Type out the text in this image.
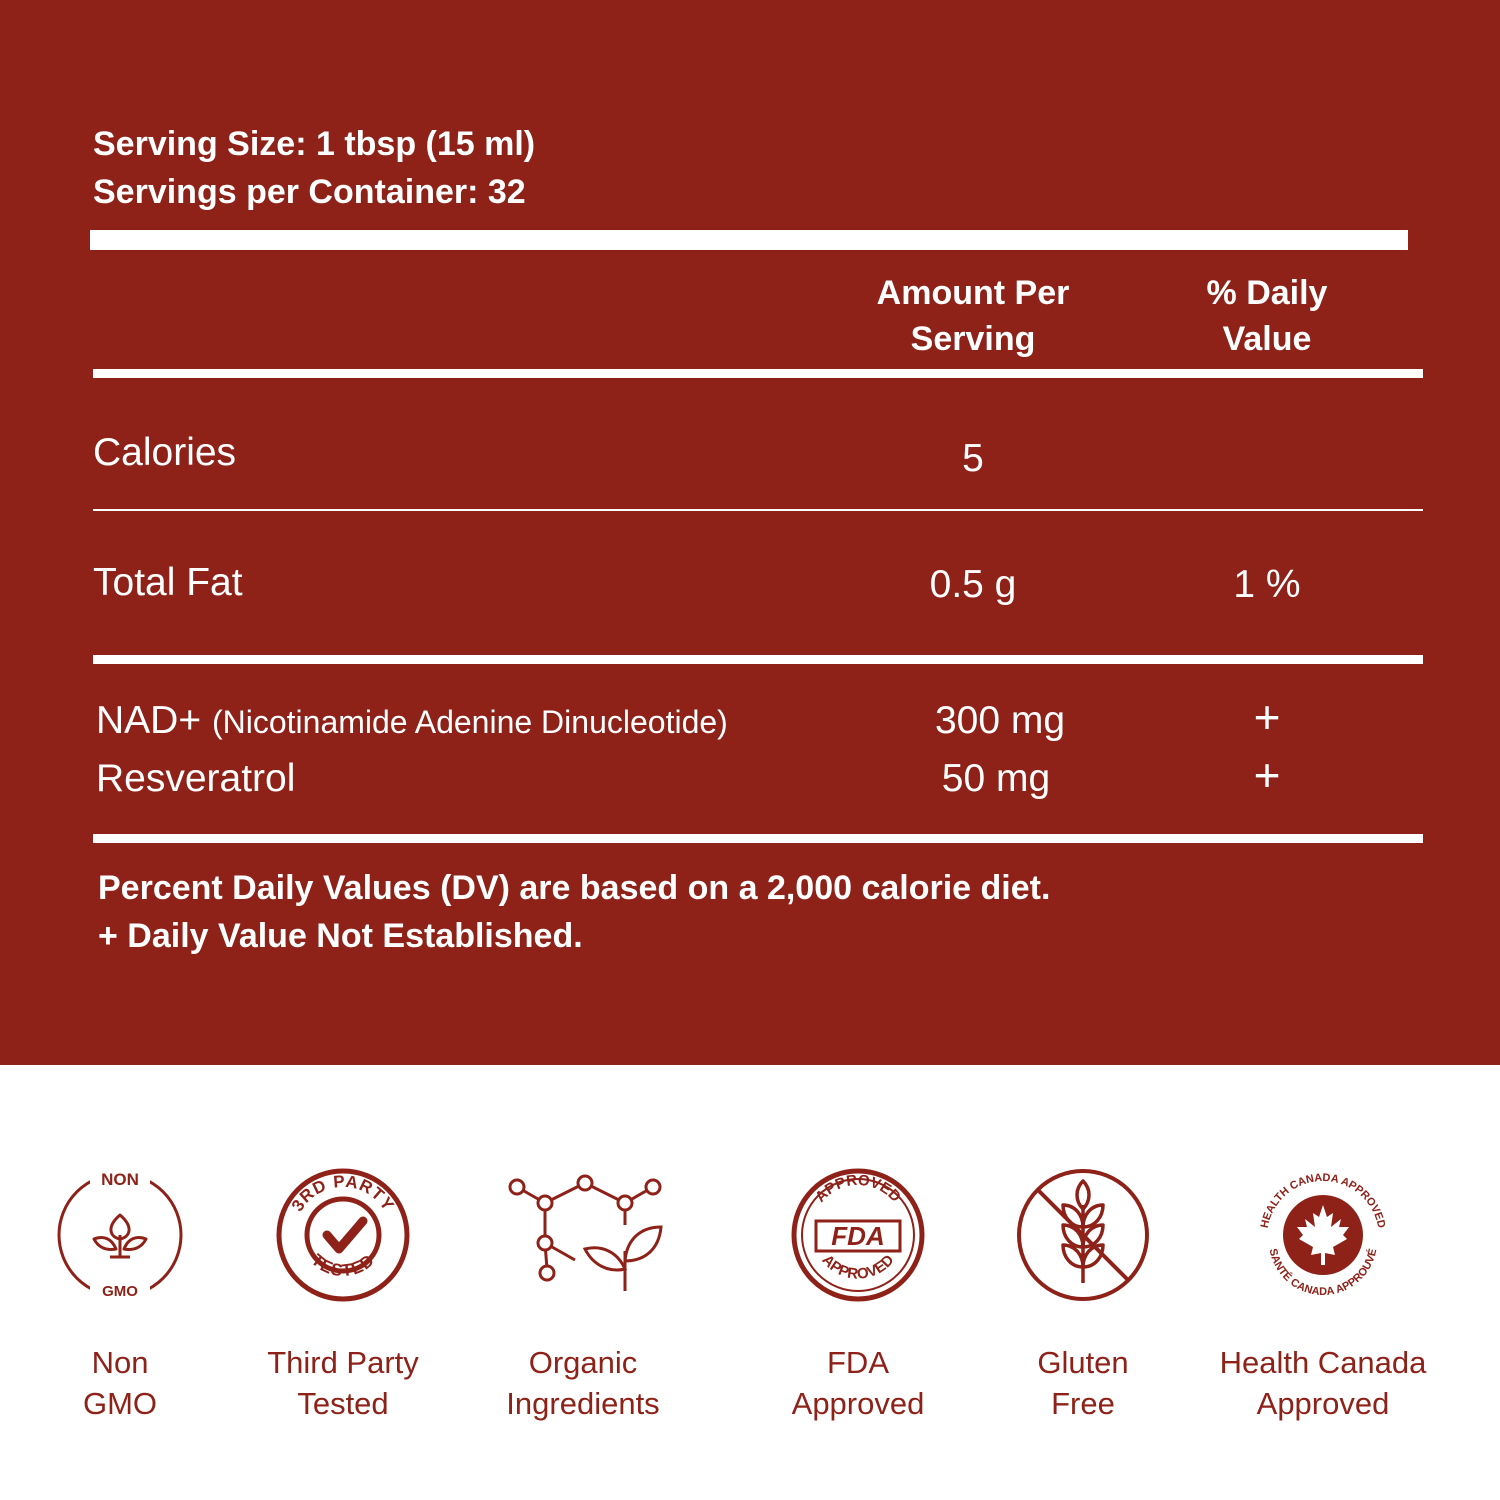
Serving Size: 1 tbsp (15 ml)
Servings per Container: 32
Amount Per
Serving
% Daily
Value
Calories	5
Total Fat	0.5 g	1 %
NAD+ (Nicotinamide Adenine Dinucleotide)	300 mg	+
Resveratrol	50 mg	+
Percent Daily Values (DV) are based on a 2,000 calorie diet.
+ Daily Value Not Established.
NON
GMO
Non
GMO
3RD PARTY
TESTED
Third Party
Tested
Organic
Ingredients
APPROVED
APPROVED
FDA
FDA
Approved
Gluten
Free
HEALTH CANADA APPROVED
SANTÉ CANADA APPROUVÉ
Health Canada
Approved
